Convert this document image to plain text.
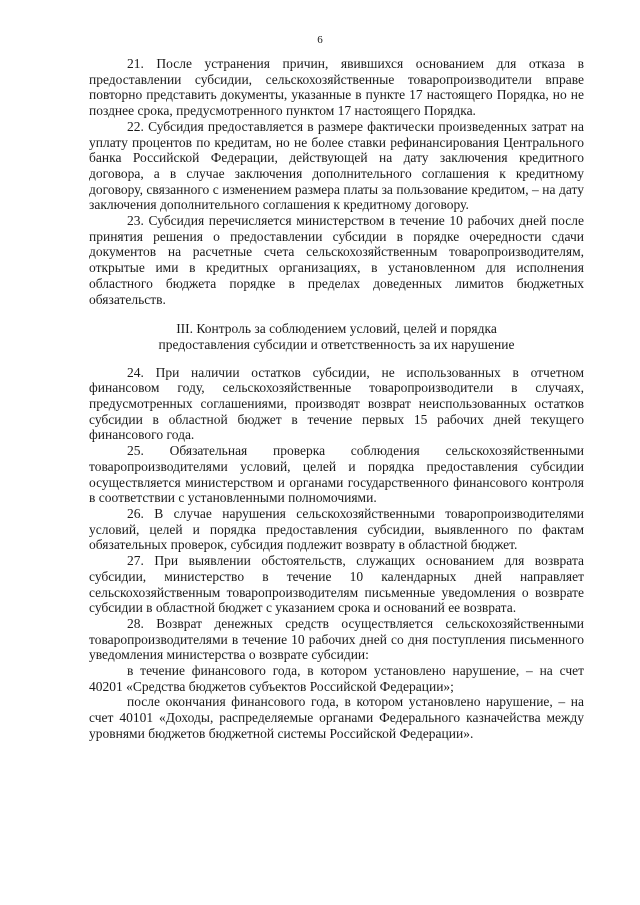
6

21. После устранения причин, явившихся основанием для отказа в предоставлении субсидии, сельскохозяйственные товаропроизводители вправе повторно представить документы, указанные в пункте 17 настоящего Порядка, но не позднее срока, предусмотренного пунктом 17 настоящего Порядка.

22. Субсидия предоставляется в размере фактически произведенных затрат на уплату процентов по кредитам, но не более ставки рефинансирования Центрального банка Российской Федерации, действующей на дату заключения кредитного договора, а в случае заключения дополнительного соглашения к кредитному договору, связанного с изменением размера платы за пользование кредитом, – на дату заключения дополнительного соглашения к кредитному договору.

23. Субсидия перечисляется министерством в течение 10 рабочих дней после принятия решения о предоставлении субсидии в порядке очередности сдачи документов на расчетные счета сельскохозяйственным товаропроизводителям, открытые ими в кредитных организациях, в установленном для исполнения областного бюджета порядке в пределах доведенных лимитов бюджетных обязательств.

III. Контроль за соблюдением условий, целей и порядка
предоставления субсидии и ответственность за их нарушение

24. При наличии остатков субсидии, не использованных в отчетном финансовом году, сельскохозяйственные товаропроизводители в случаях, предусмотренных соглашениями, производят возврат неиспользованных остатков субсидии в областной бюджет в течение первых 15 рабочих дней текущего финансового года.

25. Обязательная проверка соблюдения сельскохозяйственными товаропроизводителями условий, целей и порядка предоставления субсидии осуществляется министерством и органами государственного финансового контроля в соответствии с установленными полномочиями.

26. В случае нарушения сельскохозяйственными товаропроизводителями условий, целей и порядка предоставления субсидии, выявленного по фактам обязательных проверок, субсидия подлежит возврату в областной бюджет.

27. При выявлении обстоятельств, служащих основанием для возврата субсидии, министерство в течение 10 календарных дней направляет сельскохозяйственным товаропроизводителям письменные уведомления о возврате субсидии в областной бюджет с указанием срока и оснований ее возврата.

28. Возврат денежных средств осуществляется сельскохозяйственными товаропроизводителями в течение 10 рабочих дней со дня поступления письменного уведомления министерства о возврате субсидии:

в течение финансового года, в котором установлено нарушение, – на счет 40201 «Средства бюджетов субъектов Российской Федерации»;

после окончания финансового года, в котором установлено нарушение, – на счет 40101 «Доходы, распределяемые органами Федерального казначейства между уровнями бюджетов бюджетной системы Российской Федерации».
